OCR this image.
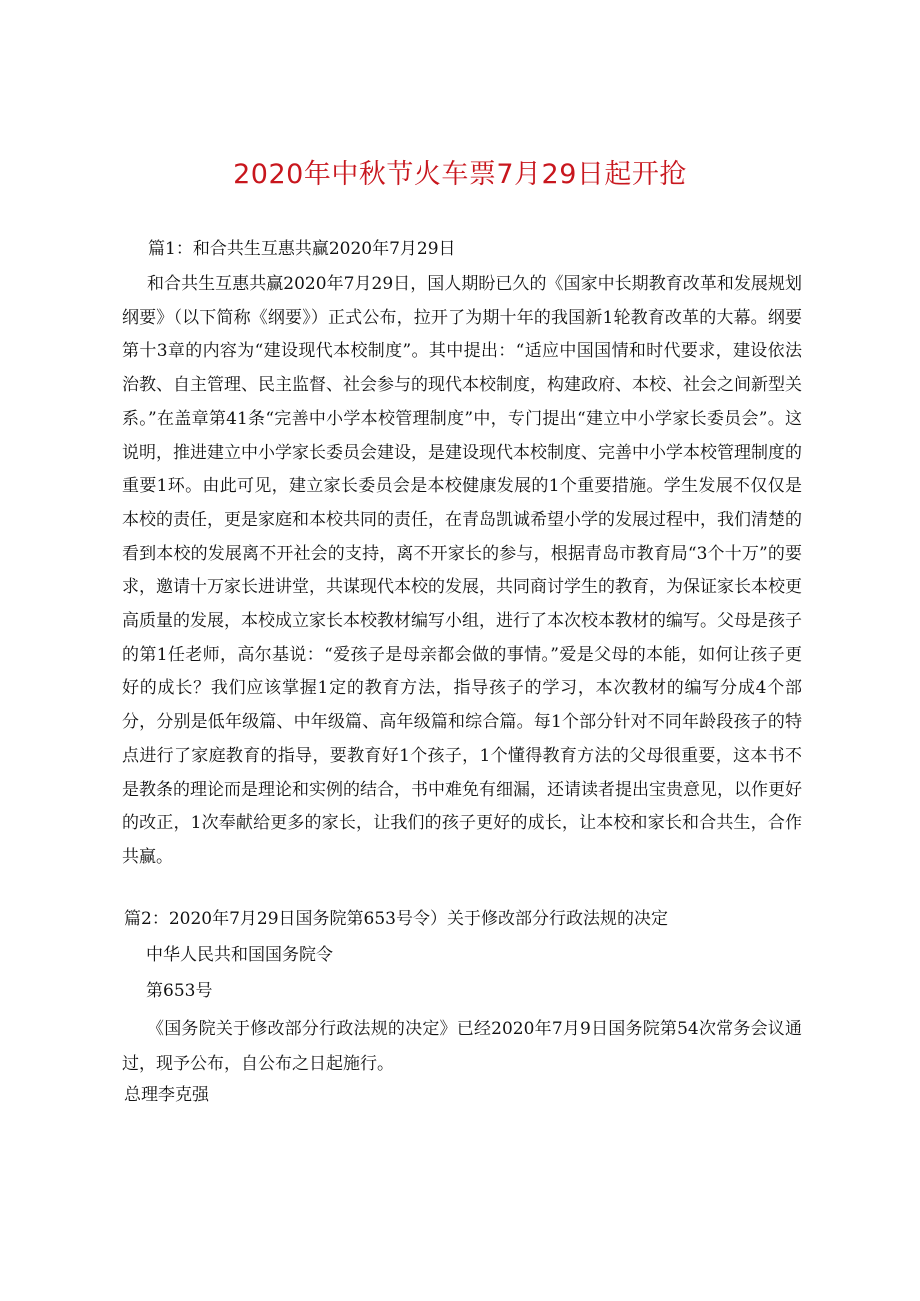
2020年中秋节火车票7月29日起开抢

篇1：和合共生互惠共赢2020年7月29日

和合共生互惠共赢2020年7月29日，国人期盼已久的《国家中长期教育改革和发展规划纲要》（以下简称《纲要》）正式公布，拉开了为期十年的我国新1轮教育改革的大幕。纲要第十3章的内容为“建设现代本校制度”。其中提出：“适应中国国情和时代要求，建设依法治教、自主管理、民主监督、社会参与的现代本校制度，构建政府、本校、社会之间新型关系。”在盖章第41条“完善中小学本校管理制度”中，专门提出“建立中小学家长委员会”。这说明，推进建立中小学家长委员会建设，是建设现代本校制度、完善中小学本校管理制度的重要1环。由此可见，建立家长委员会是本校健康发展的1个重要措施。学生发展不仅仅是本校的责任，更是家庭和本校共同的责任，在青岛凯诚希望小学的发展过程中，我们清楚的看到本校的发展离不开社会的支持，离不开家长的参与，根据青岛市教育局“3个十万”的要求，邀请十万家长进讲堂，共谋现代本校的发展，共同商讨学生的教育，为保证家长本校更高质量的发展，本校成立家长本校教材编写小组，进行了本次校本教材的编写。父母是孩子的第1任老师，高尔基说：“爱孩子是母亲都会做的事情。”爱是父母的本能，如何让孩子更好的成长？我们应该掌握1定的教育方法，指导孩子的学习，本次教材的编写分成4个部分，分别是低年级篇、中年级篇、高年级篇和综合篇。每1个部分针对不同年龄段孩子的特点进行了家庭教育的指导，要教育好1个孩子，1个懂得教育方法的父母很重要，这本书不是教条的理论而是理论和实例的结合，书中难免有细漏，还请读者提出宝贵意见，以作更好的改正，1次奉献给更多的家长，让我们的孩子更好的成长，让本校和家长和合共生，合作共赢。

篇2：2020年7月29日国务院第653号令）关于修改部分行政法规的决定

中华人民共和国国务院令

第653号

《国务院关于修改部分行政法规的决定》已经2020年7月9日国务院第54次常务会议通过，现予公布，自公布之日起施行。

总理李克强
